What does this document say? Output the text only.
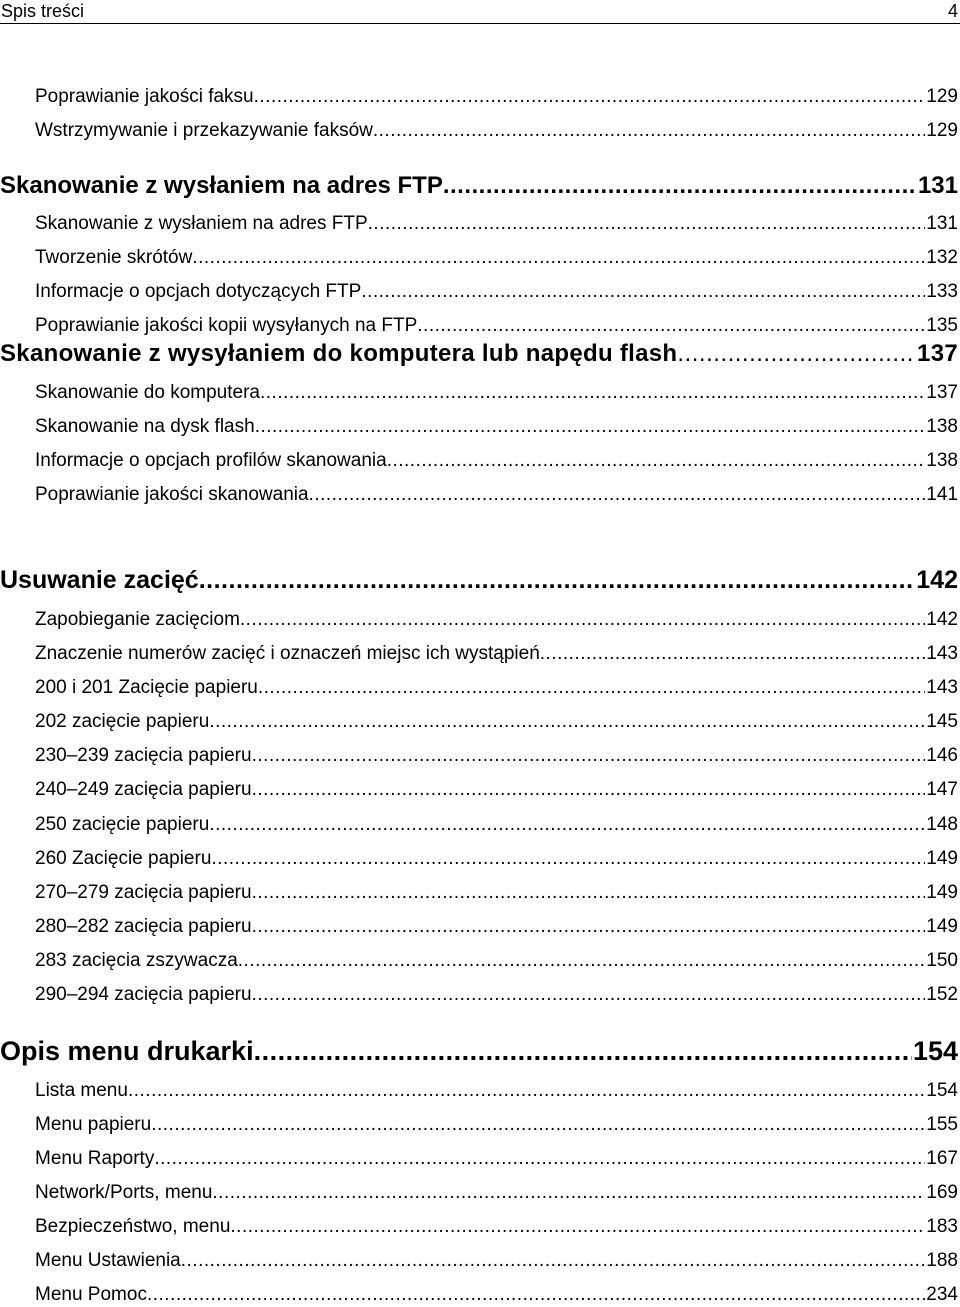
Spis treści	4
Poprawianie jakości faksu .....	129
Wstrzymywanie i przekazywanie faksów .....	129
Skanowanie z wysłaniem na adres FTP .....	131
Skanowanie z wysłaniem na adres FTP .....	131
Tworzenie skrótów .....	132
Informacje o opcjach dotyczących FTP .....	133
Poprawianie jakości kopii wysyłanych na FTP .....	135
Skanowanie z wysyłaniem do komputera lub napędu flash .....	137
Skanowanie do komputera .....	137
Skanowanie na dysk flash .....	138
Informacje o opcjach profilów skanowania .....	138
Poprawianie jakości skanowania .....	141
Usuwanie zacięć .....	142
Zapobieganie zacięciom .....	142
Znaczenie numerów zacięć i oznaczeń miejsc ich wystąpień .....	143
200 i 201 Zacięcie papieru .....	143
202 zacięcie papieru .....	145
230–239 zacięcia papieru .....	146
240–249 zacięcia papieru .....	147
250 zacięcie papieru .....	148
260 Zacięcie papieru .....	149
270–279 zacięcia papieru .....	149
280–282 zacięcia papieru .....	149
283 zacięcia zszywacza .....	150
290–294 zacięcia papieru .....	152
Opis menu drukarki .....	154
Lista menu .....	154
Menu papieru .....	155
Menu Raporty .....	167
Network/Ports, menu .....	169
Bezpieczeństwo, menu .....	183
Menu Ustawienia .....	188
Menu Pomoc .....	234
